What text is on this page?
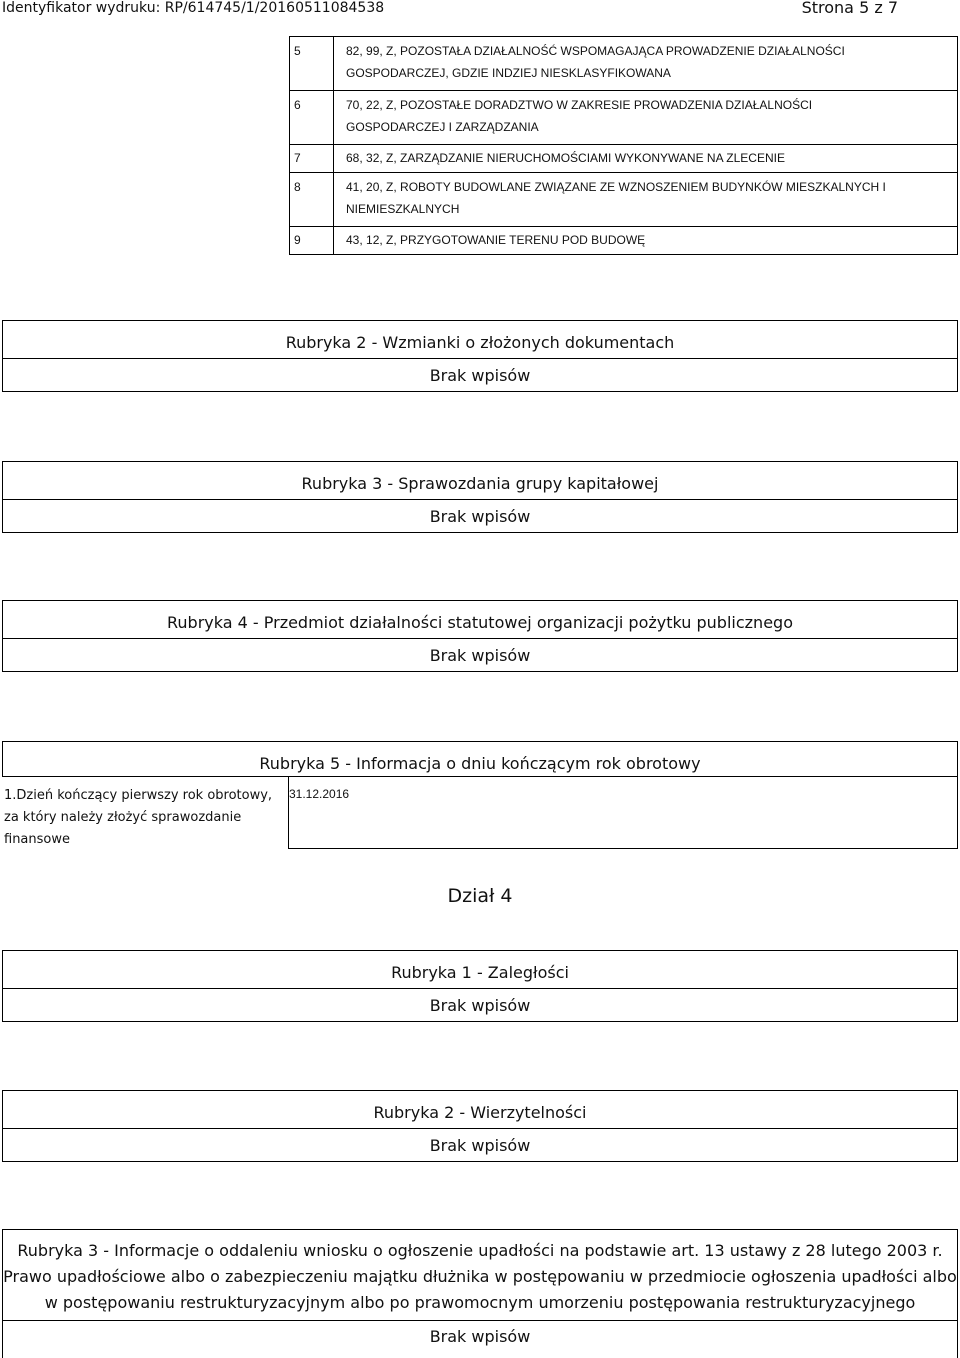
Identyfikator wydruku: RP/614745/1/20160511084538	Strona 5 z 7
5	82, 99, Z, POZOSTAŁA DZIAŁALNOŚĆ WSPOMAGAJĄCA PROWADZENIE DZIAŁALNOŚCI
GOSPODARCZEJ, GDZIE INDZIEJ NIESKLASYFIKOWANA

6	70, 22, Z, POZOSTAŁE DORADZTWO W ZAKRESIE PROWADZENIA DZIAŁALNOŚCI
GOSPODARCZEJ I ZARZĄDZANIA

7	68, 32, Z, ZARZĄDZANIE NIERUCHOMOŚCIAMI WYKONYWANE NA ZLECENIE

8	41, 20, Z, ROBOTY BUDOWLANE ZWIĄZANE ZE WZNOSZENIEM BUDYNKÓW MIESZKALNYCH I
NIEMIESZKALNYCH

9	43, 12, Z, PRZYGOTOWANIE TERENU POD BUDOWĘ
Rubryka 2 - Wzmianki o złożonych dokumentach
Brak wpisów
Rubryka 3 - Sprawozdania grupy kapitałowej
Brak wpisów
Rubryka 4 - Przedmiot działalności statutowej organizacji pożytku publicznego
Brak wpisów
Rubryka 5 - Informacja o dniu kończącym rok obrotowy
1.Dzień kończący pierwszy rok obrotowy,
za który należy złożyć sprawozdanie
finansowe
31.12.2016
Dział 4
Rubryka 1 - Zaległości
Brak wpisów
Rubryka 2 - Wierzytelności
Brak wpisów
Rubryka 3 - Informacje o oddaleniu wniosku o ogłoszenie upadłości na podstawie art. 13 ustawy z 28 lutego 2003 r.
Prawo upadłościowe albo o zabezpieczeniu majątku dłużnika w postępowaniu w przedmiocie ogłoszenia upadłości albo
w postępowaniu restrukturyzacyjnym albo po prawomocnym umorzeniu postępowania restrukturyzacyjnego
Brak wpisów
